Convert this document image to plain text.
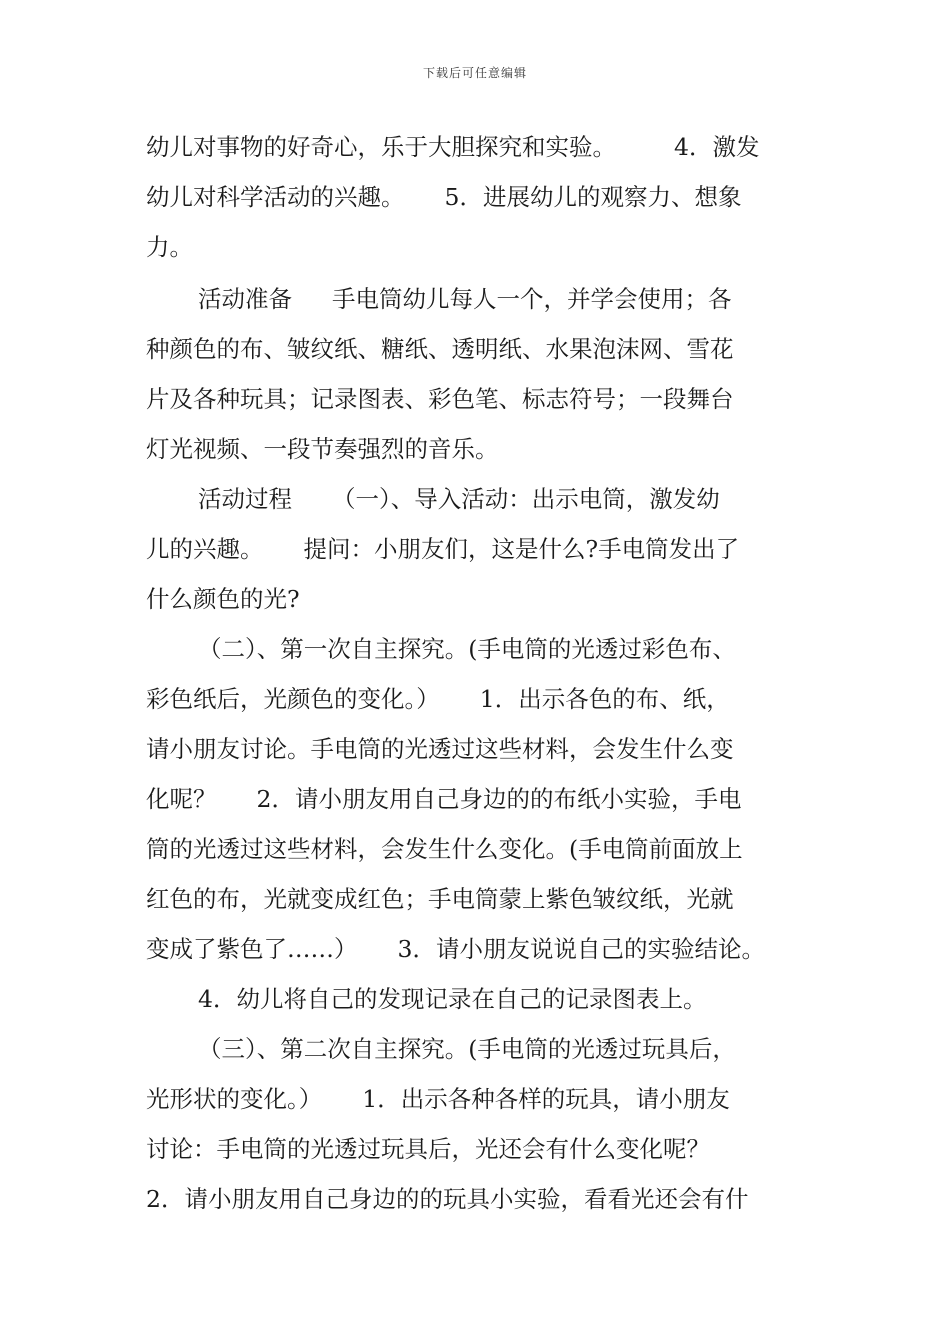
下载后可任意编辑
幼儿对事物的好奇心，乐于大胆探究和实验。 4．激发
幼儿对科学活动的兴趣。 5．进展幼儿的观察力、想象
力。
活动准备 手电筒幼儿每人一个，并学会使用；各
种颜色的布、皱纹纸、糖纸、透明纸、水果泡沫网、雪花
片及各种玩具；记录图表、彩色笔、标志符号；一段舞台
灯光视频、一段节奏强烈的音乐。
活动过程 （一）、导入活动：出示电筒，激发幼
儿的兴趣。 提问：小朋友们，这是什么?手电筒发出了
什么颜色的光?
（二）、第一次自主探究。(手电筒的光透过彩色布、
彩色纸后，光颜色的变化。） 1．出示各色的布、纸，
请小朋友讨论。手电筒的光透过这些材料，会发生什么变
化呢？ 2．请小朋友用自己身边的的布纸小实验，手电
筒的光透过这些材料，会发生什么变化。(手电筒前面放上
红色的布，光就变成红色；手电筒蒙上紫色皱纹纸，光就
变成了紫色了……） 3．请小朋友说说自己的实验结论。
4．幼儿将自己的发现记录在自己的记录图表上。
（三）、第二次自主探究。(手电筒的光透过玩具后，
光形状的变化。） 1．出示各种各样的玩具，请小朋友
讨论：手电筒的光透过玩具后，光还会有什么变化呢？
2．请小朋友用自己身边的的玩具小实验，看看光还会有什
